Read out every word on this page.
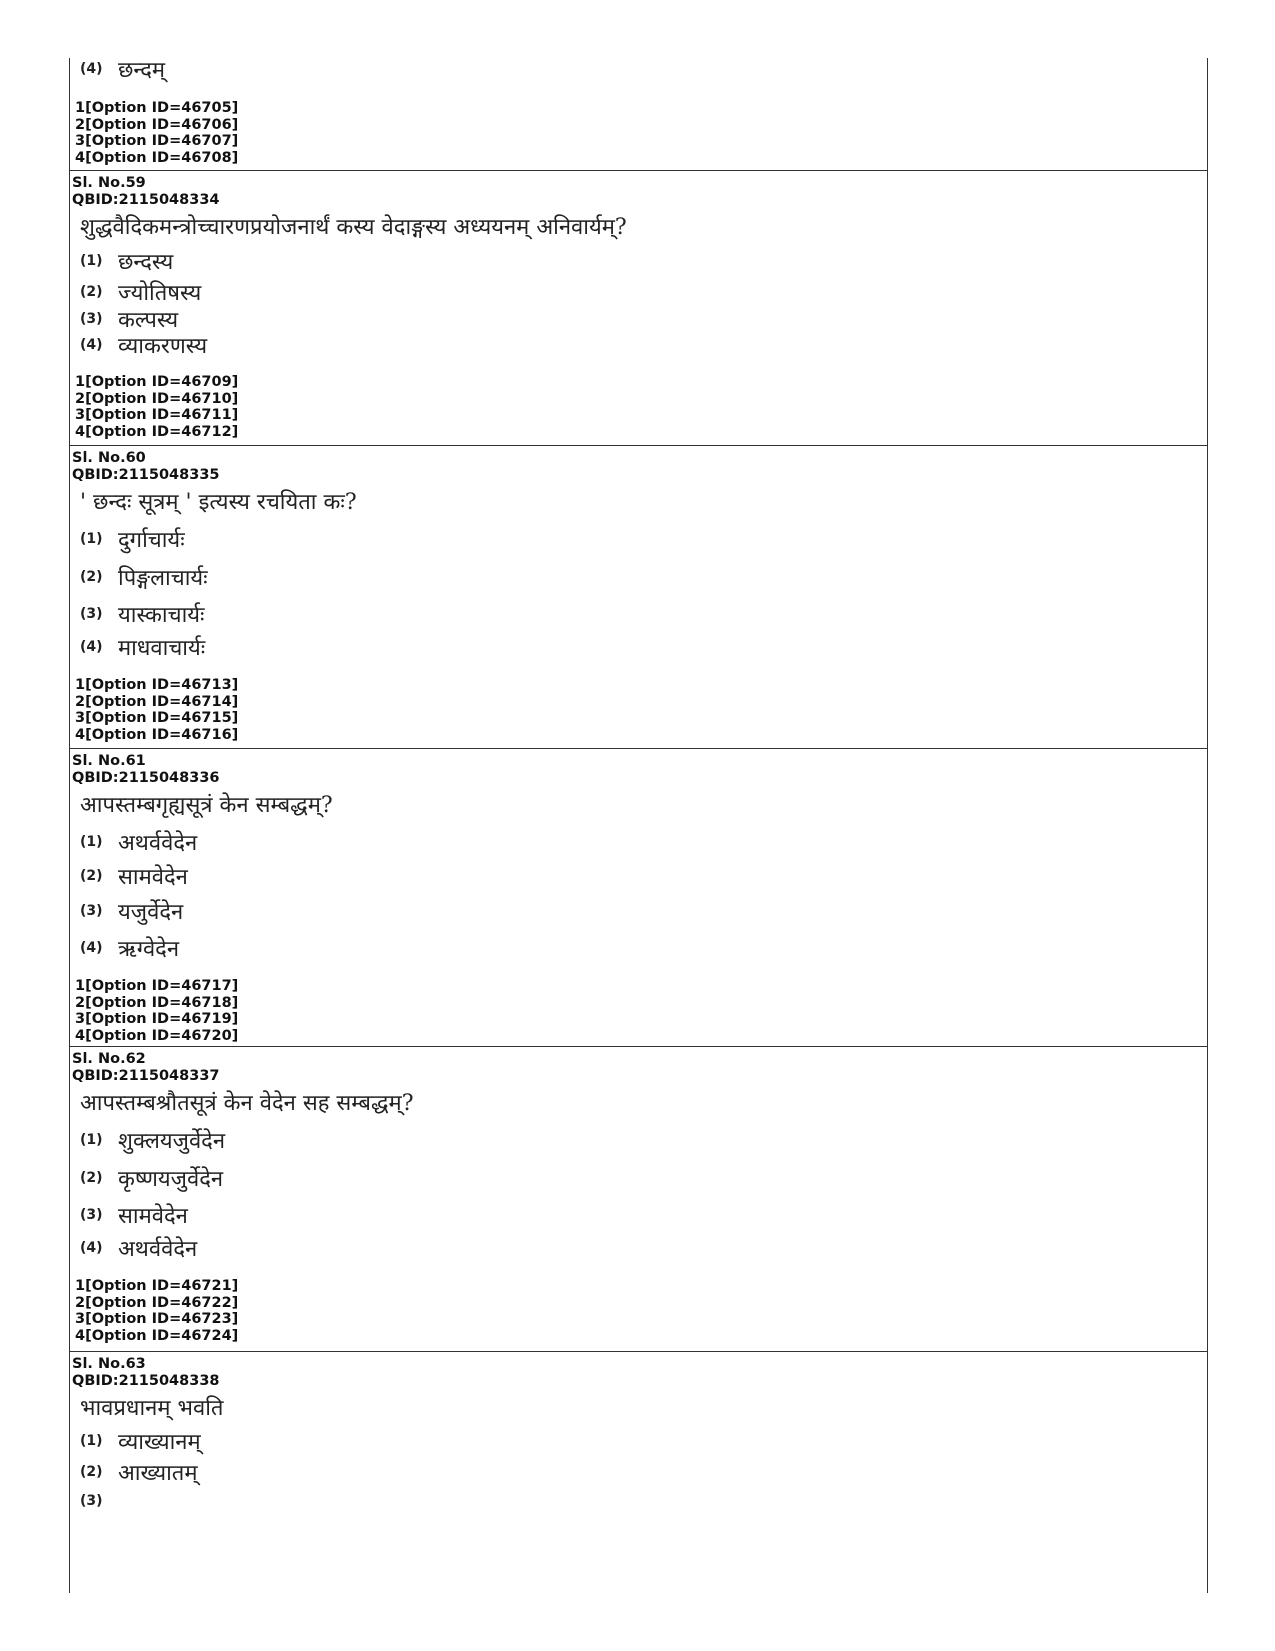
(4) छन्दम्
1[Option ID=46705]
2[Option ID=46706]
3[Option ID=46707]
4[Option ID=46708]
Sl. No.59
QBID:2115048334
शुद्धवैदिकमन्त्रोच्चारणप्रयोजनार्थं कस्य वेदाङ्गस्य अध्ययनम् अनिवार्यम्?
(1) छन्दस्य
(2) ज्योतिषस्य
(3) कल्पस्य
(4) व्याकरणस्य
1[Option ID=46709]
2[Option ID=46710]
3[Option ID=46711]
4[Option ID=46712]
Sl. No.60
QBID:2115048335
' छन्दः सूत्रम् ' इत्यस्य रचयिता कः?
(1) दुर्गाचार्यः
(2) पिङ्गलाचार्यः
(3) यास्काचार्यः
(4) माधवाचार्यः
1[Option ID=46713]
2[Option ID=46714]
3[Option ID=46715]
4[Option ID=46716]
Sl. No.61
QBID:2115048336
आपस्तम्बगृह्यसूत्रं केन सम्बद्धम्?
(1) अथर्ववेदेन
(2) सामवेदेन
(3) यजुर्वेदेन
(4) ऋग्वेदेन
1[Option ID=46717]
2[Option ID=46718]
3[Option ID=46719]
4[Option ID=46720]
Sl. No.62
QBID:2115048337
आपस्तम्बश्रौतसूत्रं केन वेदेन सह सम्बद्धम्?
(1) शुक्लयजुर्वेदेन
(2) कृष्णयजुर्वेदेन
(3) सामवेदेन
(4) अथर्ववेदेन
1[Option ID=46721]
2[Option ID=46722]
3[Option ID=46723]
4[Option ID=46724]
Sl. No.63
QBID:2115048338
भावप्रधानम् भवति
(1) व्याख्यानम्
(2) आख्यातम्
(3)
